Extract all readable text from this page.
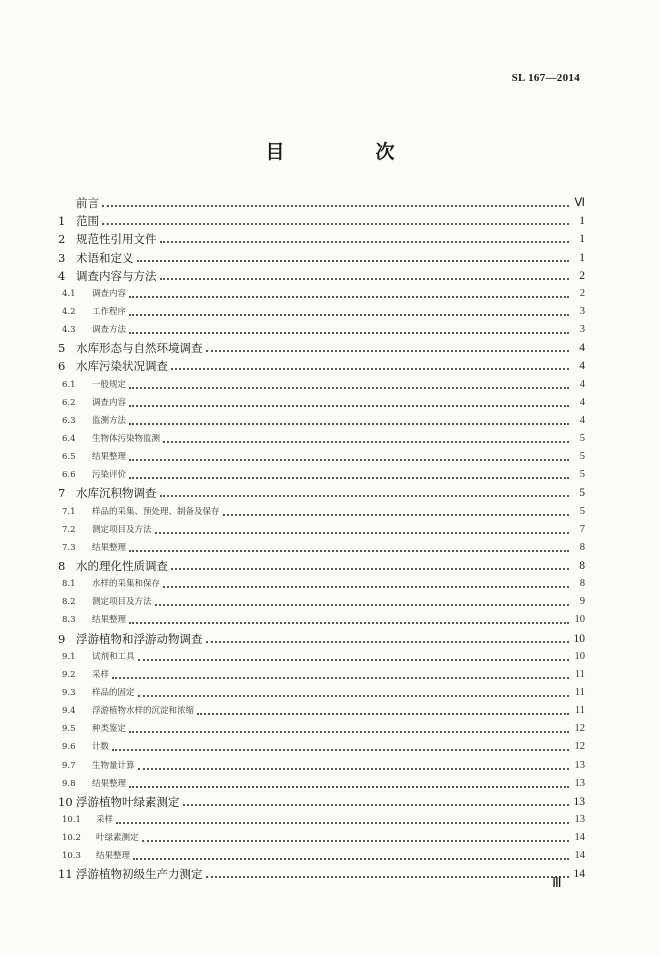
SL 167—2014
目　次
前言	Ⅵ
1 范围	1
2 规范性引用文件	1
3 术语和定义	1
4 调查内容与方法	2
4.1	调查内容	2
4.2	工作程序	3
4.3	调查方法	3
5 水库形态与自然环境调查	4
6 水库污染状况调查	4
6.1	一般规定	4
6.2	调查内容	4
6.3	监测方法	4
6.4	生物体污染物监测	5
6.5	结果整理	5
6.6	污染评价	5
7 水库沉积物调查	5
7.1	样品的采集、预处理、制备及保存	5
7.2	测定项目及方法	7
7.3	结果整理	8
8 水的理化性质调查	8
8.1	水样的采集和保存	8
8.2	测定项目及方法	9
8.3	结果整理	10
9 浮游植物和浮游动物调查	10
9.1	试剂和工具	10
9.2	采样	11
9.3	样品的固定	11
9.4	浮游植物水样的沉淀和浓缩	11
9.5	种类鉴定	12
9.6	计数	12
9.7	生物量计算	13
9.8	结果整理	13
10 浮游植物叶绿素测定	13
10.1	采样	13
10.2	叶绿素测定	14
10.3	结果整理	14
11 浮游植物初级生产力测定	14
Ⅲ
